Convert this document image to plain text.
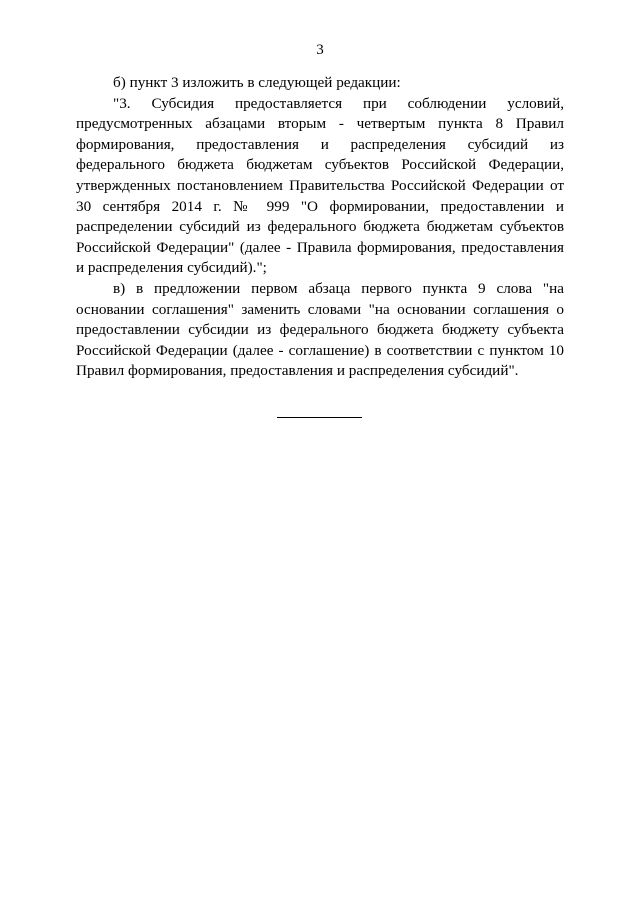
3

б) пункт 3 изложить в следующей редакции:

"3. Субсидия предоставляется при соблюдении условий, предусмотренных абзацами вторым - четвертым пункта 8 Правил формирования, предоставления и распределения субсидий из федерального бюджета бюджетам субъектов Российской Федерации, утвержденных постановлением Правительства Российской Федерации от 30 сентября 2014 г. № 999 "О формировании, предоставлении и распределении субсидий из федерального бюджета бюджетам субъектов Российской Федерации" (далее - Правила формирования, предоставления и распределения субсидий).";

в) в предложении первом абзаца первого пункта 9 слова "на основании соглашения" заменить словами "на основании соглашения о предоставлении субсидии из федерального бюджета бюджету субъекта Российской Федерации (далее - соглашение) в соответствии с пунктом 10 Правил формирования, предоставления и распределения субсидий".
